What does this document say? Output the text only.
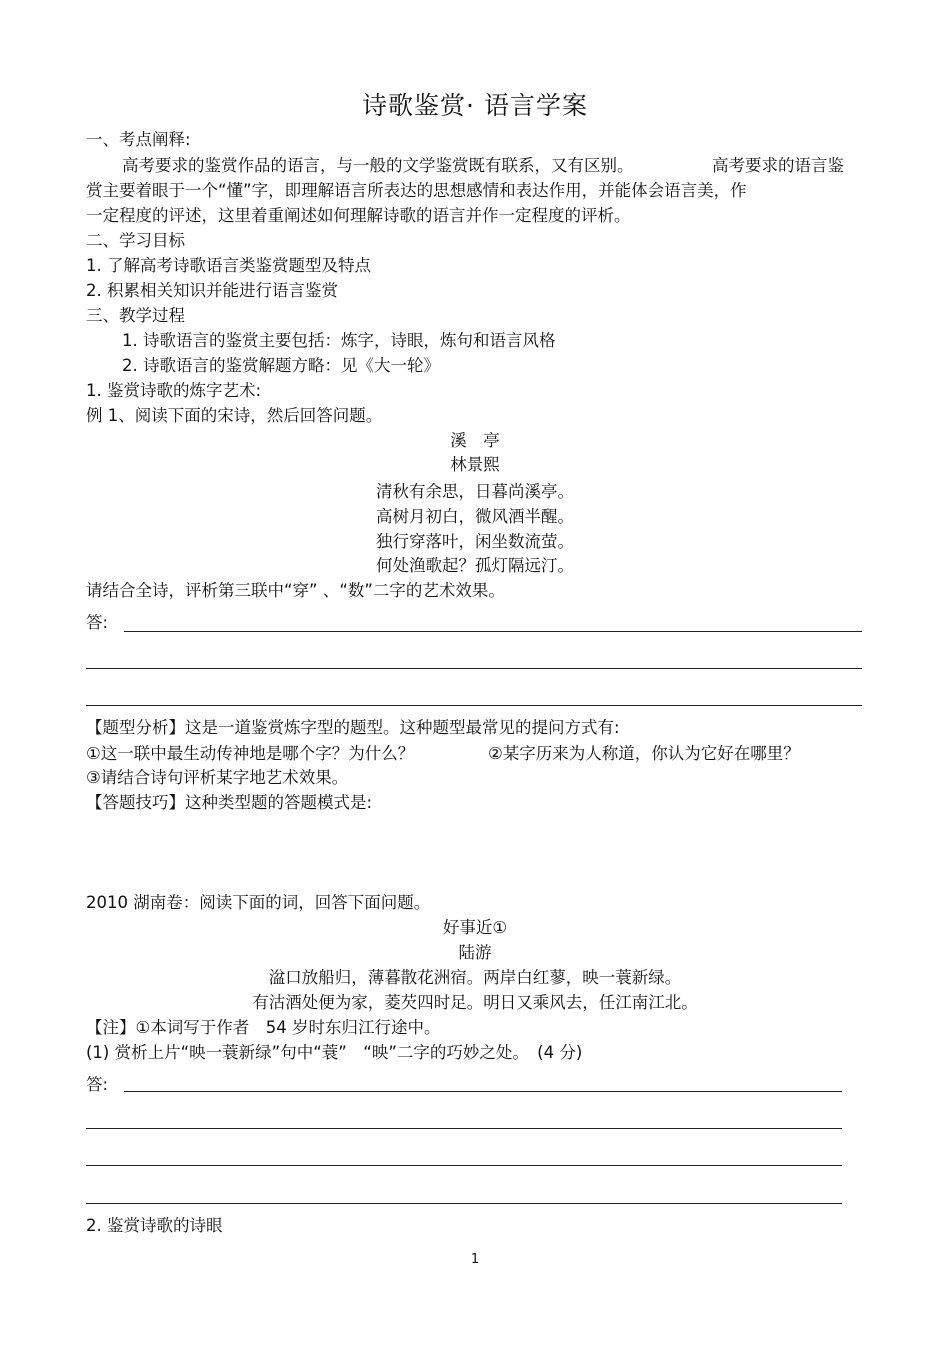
诗歌鉴赏· 语言学案
一、考点阐释:
高考要求的鉴赏作品的语言，与一般的文学鉴赏既有联系，又有区别。	高考要求的语言鉴
赏主要着眼于一个“懂”字，即理解语言所表达的思想感情和表达作用，并能体会语言美，作
一定程度的评述，这里着重阐述如何理解诗歌的语言并作一定程度的评析。
二、学习目标
1. 了解高考诗歌语言类鉴赏题型及特点
2. 积累相关知识并能进行语言鉴赏
三、教学过程
1. 诗歌语言的鉴赏主要包括：炼字，诗眼，炼句和语言风格
2. 诗歌语言的鉴赏解题方略：见《大一轮》
1. 鉴赏诗歌的炼字艺术:
例 1、阅读下面的宋诗，然后回答问题。
溪　亭
林景熙
清秋有余思，日暮尚溪亭。
高树月初白，微风酒半醒。
独行穿落叶，闲坐数流萤。
何处渔歌起？孤灯隔远汀。
请结合全诗，评析第三联中“穿” 、“数”二字的艺术效果。
答:
【题型分析】这是一道鉴赏炼字型的题型。这种题型最常见的提问方式有:
①这一联中最生动传神地是哪个字？为什么？	②某字历来为人称道，你认为它好在哪里？
③请结合诗句评析某字地艺术效果。
【答题技巧】这种类型题的答题模式是:
2010 湖南卷：阅读下面的词，回答下面问题。
好事近①
陆游
湓口放船归，薄暮散花洲宿。两岸白红蓼，映一蓑新绿。
有沽酒处便为家，菱芡四时足。明日又乘风去，任江南江北。
【注】①本词写于作者　54 岁时东归江行途中。
(1) 赏析上片“映一蓑新绿”句中“蓑”　“映”二字的巧妙之处。　(4 分)
答:
2. 鉴赏诗歌的诗眼
1
